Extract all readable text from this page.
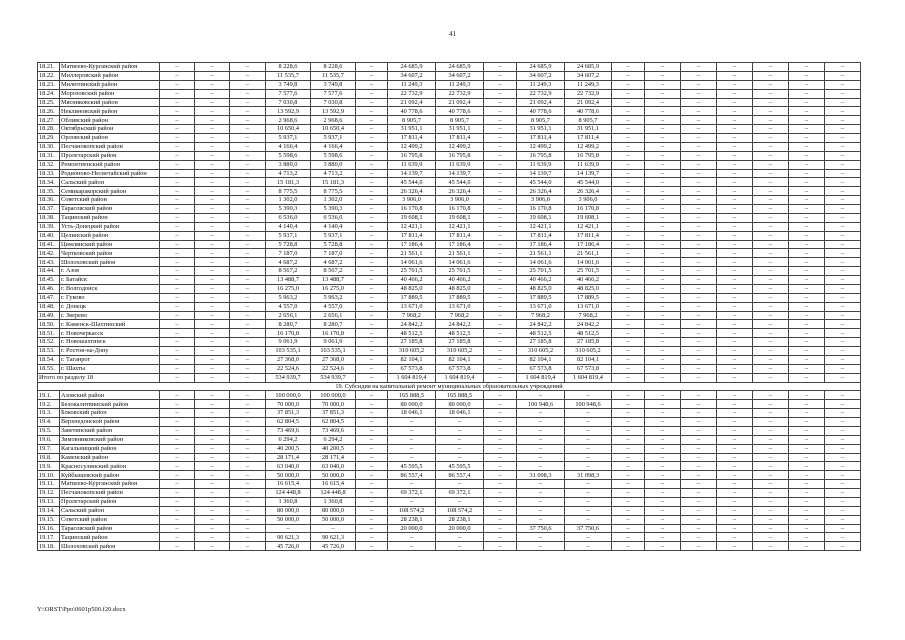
41
18.21.	Матвеево-Курганский район	–	–	–	8 228,6	8 228,6	–	24 685,9	24 685,9	–	24 685,9	24 685,9	–	–	–	–	–	–	–
18.22.	Миллеровский район	–	–	–	11 535,7	11 535,7	–	34 607,2	34 607,2	–	34 607,2	34 607,2	–	–	–	–	–	–	–
18.23.	Милютинский район	–	–	–	3 749,8	3 749,8	–	11 249,3	11 249,3	–	11 249,3	11 249,3	–	–	–	–	–	–	–
18.24.	Морозовский район	–	–	–	7 577,6	7 577,6	–	22 732,9	22 732,9	–	22 732,9	22 732,9	–	–	–	–	–	–	–
18.25.	Мясниковский район	–	–	–	7 030,8	7 030,8	–	21 092,4	21 092,4	–	21 092,4	21 092,4	–	–	–	–	–	–	–
18.26.	Неклиновский район	–	–	–	13 592,9	13 592,9	–	40 778,6	40 778,6	–	40 778,6	40 778,6	–	–	–	–	–	–	–
18.27.	Обливский район	–	–	–	2 968,6	2 968,6	–	8 905,7	8 905,7	–	8 905,7	8 905,7	–	–	–	–	–	–	–
18.28.	Октябрьский район	–	–	–	10 650,4	10 650,4	–	31 951,1	31 951,1	–	31 951,1	31 951,1	–	–	–	–	–	–	–
18.29.	Орловский район	–	–	–	5 937,1	5 937,1	–	17 811,4	17 811,4	–	17 811,4	17 811,4	–	–	–	–	–	–	–
18.30.	Песчанокопский район	–	–	–	4 166,4	4 166,4	–	12 499,2	12 499,2	–	12 499,2	12 499,2	–	–	–	–	–	–	–
18.31.	Пролетарский район	–	–	–	5 598,6	5 598,6	–	16 795,8	16 795,8	–	16 795,8	16 795,8	–	–	–	–	–	–	–
18.32.	Ремонтненский район	–	–	–	3 880,0	3 880,0	–	11 639,9	11 639,9	–	11 639,9	11 639,9	–	–	–	–	–	–	–
18.33.	Родионово-Несветайский район	–	–	–	4 713,2	4 713,2	–	14 139,7	14 139,7	–	14 139,7	14 139,7	–	–	–	–	–	–	–
18.34.	Сальский район	–	–	–	15 181,3	15 181,3	–	45 544,0	45 544,0	–	45 544,0	45 544,0	–	–	–	–	–	–	–
18.35.	Семикаракорский район	–	–	–	8 775,5	8 775,5	–	26 326,4	26 326,4	–	26 326,4	26 326,4	–	–	–	–	–	–	–
18.36.	Советский район	–	–	–	1 302,0	1 302,0	–	3 906,0	3 906,0	–	3 906,0	3 906,0	–	–	–	–	–	–	–
18.37.	Тарасовский район	–	–	–	5 390,3	5 390,3	–	16 170,8	16 170,8	–	16 170,8	16 170,8	–	–	–	–	–	–	–
18.38.	Тацинский район	–	–	–	6 536,0	6 536,0	–	19 608,1	19 608,1	–	19 608,1	19 608,1	–	–	–	–	–	–	–
18.39.	Усть-Донецкий район	–	–	–	4 140,4	4 140,4	–	12 421,1	12 421,1	–	12 421,1	12 421,1	–	–	–	–	–	–	–
18.40.	Целинский район	–	–	–	5 937,1	5 937,1	–	17 811,4	17 811,4	–	17 811,4	17 811,4	–	–	–	–	–	–	–
18.41.	Цимлянский район	–	–	–	5 728,8	5 728,8	–	17 186,4	17 186,4	–	17 186,4	17 186,4	–	–	–	–	–	–	–
18.42.	Чертковский район	–	–	–	7 187,0	7 187,0	–	21 561,1	21 561,1	–	21 561,1	21 561,1	–	–	–	–	–	–	–
18.43.	Шолоховский район	–	–	–	4 687,2	4 687,2	–	14 061,6	14 061,6	–	14 061,6	14 061,6	–	–	–	–	–	–	–
18.44.	г. Азов	–	–	–	8 567,2	8 567,2	–	25 701,5	25 701,5	–	25 701,5	25 701,5	–	–	–	–	–	–	–
18.45.	г. Батайск	–	–	–	13 488,7	13 488,7	–	40 466,2	40 466,2	–	40 466,2	40 466,2	–	–	–	–	–	–	–
18.46.	г. Волгодонск	–	–	–	16 275,0	16 275,0	–	48 825,0	48 825,0	–	48 825,0	48 825,0	–	–	–	–	–	–	–
18.47.	г. Гуково	–	–	–	5 963,2	5 963,2	–	17 889,5	17 889,5	–	17 889,5	17 889,5	–	–	–	–	–	–	–
18.48.	г. Донецк	–	–	–	4 557,0	4 557,0	–	13 671,0	13 671,0	–	13 671,0	13 671,0	–	–	–	–	–	–	–
18.49.	г. Зверево	–	–	–	2 656,1	2 656,1	–	7 968,2	7 968,2	–	7 968,2	7 968,2	–	–	–	–	–	–	–
18.50.	г. Каменск-Шахтинский	–	–	–	8 280,7	8 280,7	–	24 842,2	24 842,2	–	24 842,2	24 842,2	–	–	–	–	–	–	–
18.51.	г. Новочеркасск	–	–	–	16 170,8	16 170,8	–	48 512,5	48 512,5	–	48 512,5	48 512,5	–	–	–	–	–	–	–
18.52.	г. Новошахтинск	–	–	–	9 061,9	9 061,9	–	27 185,8	27 185,8	–	27 185,8	27 185,8	–	–	–	–	–	–	–
18.53.	г. Ростов-на-Дону	–	–	–	103 535,1	103 535,1	–	310 605,2	310 605,2	–	310 605,2	310 605,2	–	–	–	–	–	–	–
18.54.	г. Таганрог	–	–	–	27 368,0	27 368,0	–	82 104,1	82 104,1	–	82 104,1	82 104,1	–	–	–	–	–	–	–
18.55.	г. Шахты	–	–	–	22 524,6	22 524,6	–	67 573,8	67 573,8	–	67 573,8	67 573,8	–	–	–	–	–	–	–
Итого по разделу 18		–	–	–	534 939,7	534 939,7	–	1 604 819,4	1 604 819,4	–	1 604 819,4	1 604 819,4	–	–	–	–	–	–	–
19. Субсидия на капитальный ремонт муниципальных образовательных учреждений																			
19.1.	Азовский район	–	–	–	100 000,0	100 000,0	–	165 888,5	165 888,5	–	–	–	–	–	–	–	–	–	–
19.2.	Белокалитвинский район	–	–	–	70 000,0	70 000,0	–	80 000,0	80 000,0	–	100 948,6	100 948,6	–	–	–	–	–	–	–
19.3.	Боковский район	–	–	–	37 851,3	37 851,3	–	18 046,1	18 046,1	–	–	–	–	–	–	–	–	–	–
19.4.	Верхнедонской район	–	–	–	62 804,5	62 804,5	–	–	–	–	–	–	–	–	–	–	–	–	–
19.5.	Заветинский район	–	–	–	73 469,6	73 469,6	–	–	–	–	–	–	–	–	–	–	–	–	–
19.6.	Зимовниковский район	–	–	–	6 294,2	6 294,2	–	–	–	–	–	–	–	–	–	–	–	–	–
19.7.	Кагальницкий район	–	–	–	40 200,5	40 200,5	–	–	–	–	–	–	–	–	–	–	–	–	–
19.8.	Каменский район	–	–	–	28 171,4	28 171,4	–	–	–	–	–	–	–	–	–	–	–	–	–
19.9.	Красносулинский район	–	–	–	63 040,0	63 040,0	–	45 595,5	45 595,5	–	–	–	–	–	–	–	–	–	–
19.10.	Куйбышевский район	–	–	–	50 000,0	50 000,0	–	86 557,4	86 557,4	–	31 098,3	31 098,3	–	–	–	–	–	–	–
19.11.	Матвеево-Курганский район	–	–	–	16 615,4	16 615,4	–	–	–	–	–	–	–	–	–	–	–	–	–
19.12.	Песчанокопский район	–	–	–	124 448,8	124 448,8	–	69 372,1	69 372,1	–	–	–	–	–	–	–	–	–	–
19.13.	Пролетарский район	–	–	–	1 360,8	1 360,8	–	–	–	–	–	–	–	–	–	–	–	–	–
19.14.	Сальский район	–	–	–	80 000,0	80 000,0	–	108 574,2	108 574,2	–	–	–	–	–	–	–	–	–	–
19.15.	Советский район	–	–	–	50 000,0	50 000,0	–	28 238,1	28 238,1	–	–	–	–	–	–	–	–	–	–
19.16.	Тарасовский район	–	–	–	–	–	–	20 000,0	20 000,0	–	37 750,6	37 750,6	–	–	–	–	–	–	–
19.17.	Тацинский район	–	–	–	90 621,3	90 621,3	–	–	–	–	–	–	–	–	–	–	–	–	–
19.18.	Шолоховский район	–	–	–	45 726,0	45 726,0	–	–	–	–	–	–	–	–	–	–	–	–	–
Y:\ORST\Ppo\0601p500.f20.docx
